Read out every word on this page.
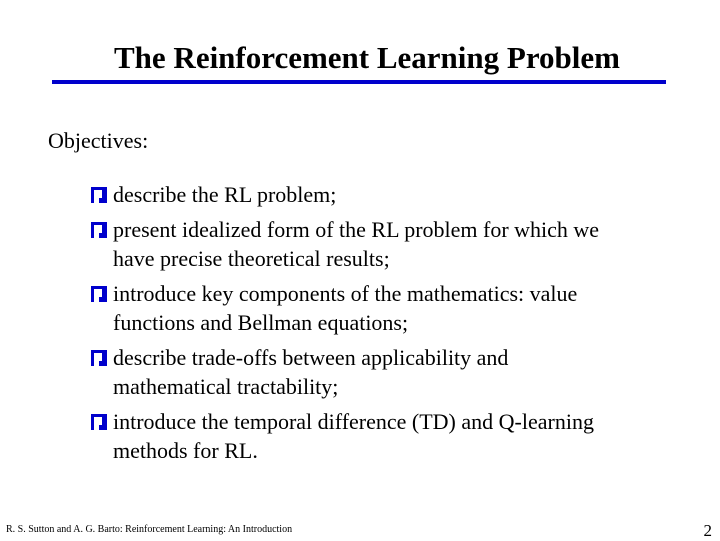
The Reinforcement Learning Problem
Objectives:
describe the RL problem;
present idealized form of the RL problem for which we
have precise theoretical results;
introduce key components of the mathematics: value
functions and Bellman equations;
describe trade-offs between applicability and
mathematical tractability;
introduce the temporal difference (TD) and Q-learning
methods for RL.
R. S. Sutton and A. G. Barto: Reinforcement Learning: An Introduction	2
